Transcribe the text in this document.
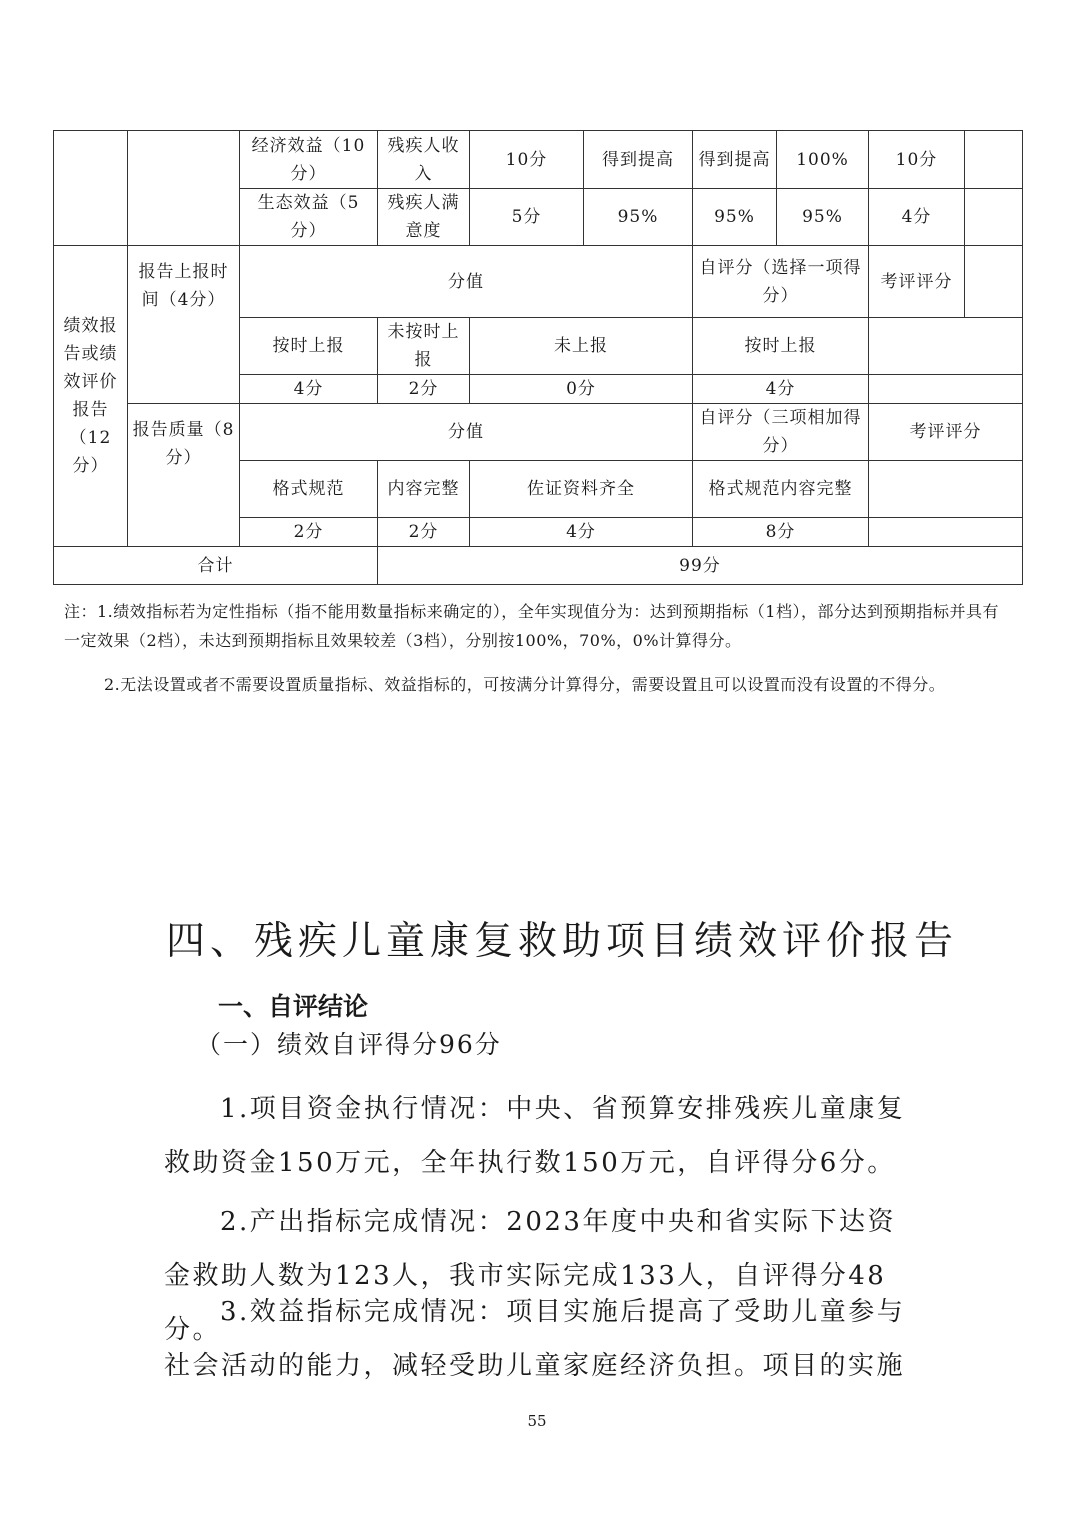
		经济效益（10分）	残疾人收入	10分	得到提高	得到提高	100%	10分	
		生态效益（5分）	残疾人满意度	5分	95%	95%	95%	4分	
绩效报告或绩效评价报告（12分）	报告上报时间（4分）	分值				自评分（选择一项得分）		考评评分	
		按时上报	未按时上报	未上报		按时上报			
		4分	2分	0分		4分			
	报告质量（8分）	分值				自评分（三项相加得分）		考评评分	
		格式规范	内容完整	佐证资料齐全		格式规范内容完整			
		2分	2分	4分		8分			
合计			99分						
注：1.绩效指标若为定性指标（指不能用数量指标来确定的），全年实现值分为：达到预期指标（1档），部分达到预期指标并具有一定效果（2档），未达到预期指标且效果较差（3档），分别按100%，70%，0%计算得分。
2.无法设置或者不需要设置质量指标、效益指标的，可按满分计算得分，需要设置且可以设置而没有设置的不得分。
四、残疾儿童康复救助项目绩效评价报告
一、自评结论
（一）绩效自评得分96分
1.项目资金执行情况：中央、省预算安排残疾儿童康复救助资金150万元，全年执行数150万元，自评得分6分。
2.产出指标完成情况：2023年度中央和省实际下达资金救助人数为123人，我市实际完成133人，自评得分48分。
3.效益指标完成情况：项目实施后提高了受助儿童参与社会活动的能力，减轻受助儿童家庭经济负担。项目的实施
55
